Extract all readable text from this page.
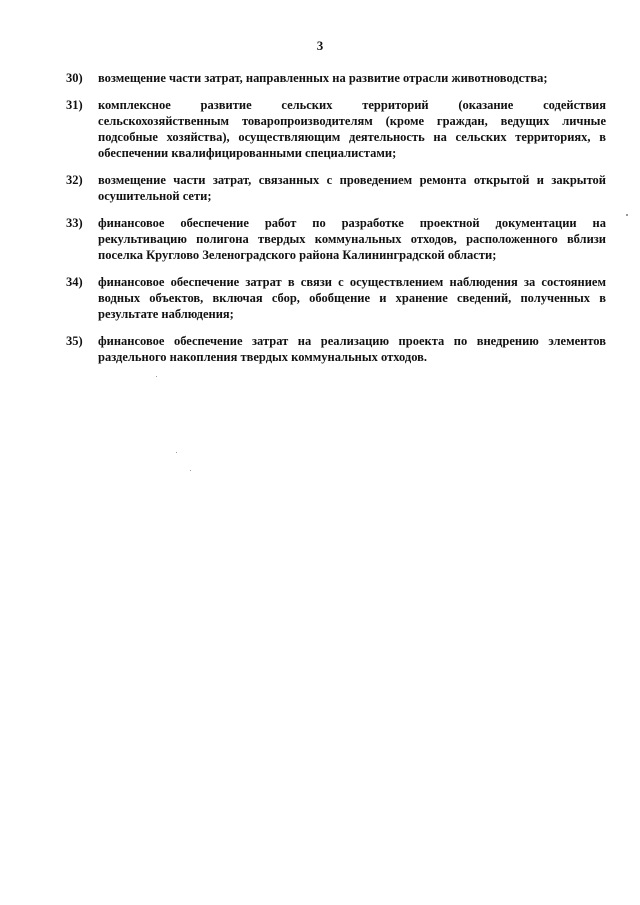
3
30)	возмещение части затрат, направленных на развитие отрасли животноводства;
31)	комплексное развитие сельских территорий (оказание содействия сельскохозяйственным товаропроизводителям (кроме граждан, ведущих личные подсобные хозяйства), осуществляющим деятельность на сельских территориях, в обеспечении квалифицированными специалистами;
32)	возмещение части затрат, связанных с проведением ремонта открытой и закрытой осушительной сети;
33)	финансовое обеспечение работ по разработке проектной документации на рекультивацию полигона твердых коммунальных отходов, расположенного вблизи поселка Круглово Зеленоградского района Калининградской области;
34)	финансовое обеспечение затрат в связи с осуществлением наблюдения за состоянием водных объектов, включая сбор, обобщение и хранение сведений, полученных в результате наблюдения;
35)	финансовое обеспечение затрат на реализацию проекта по внедрению элементов раздельного накопления твердых коммунальных отходов.
